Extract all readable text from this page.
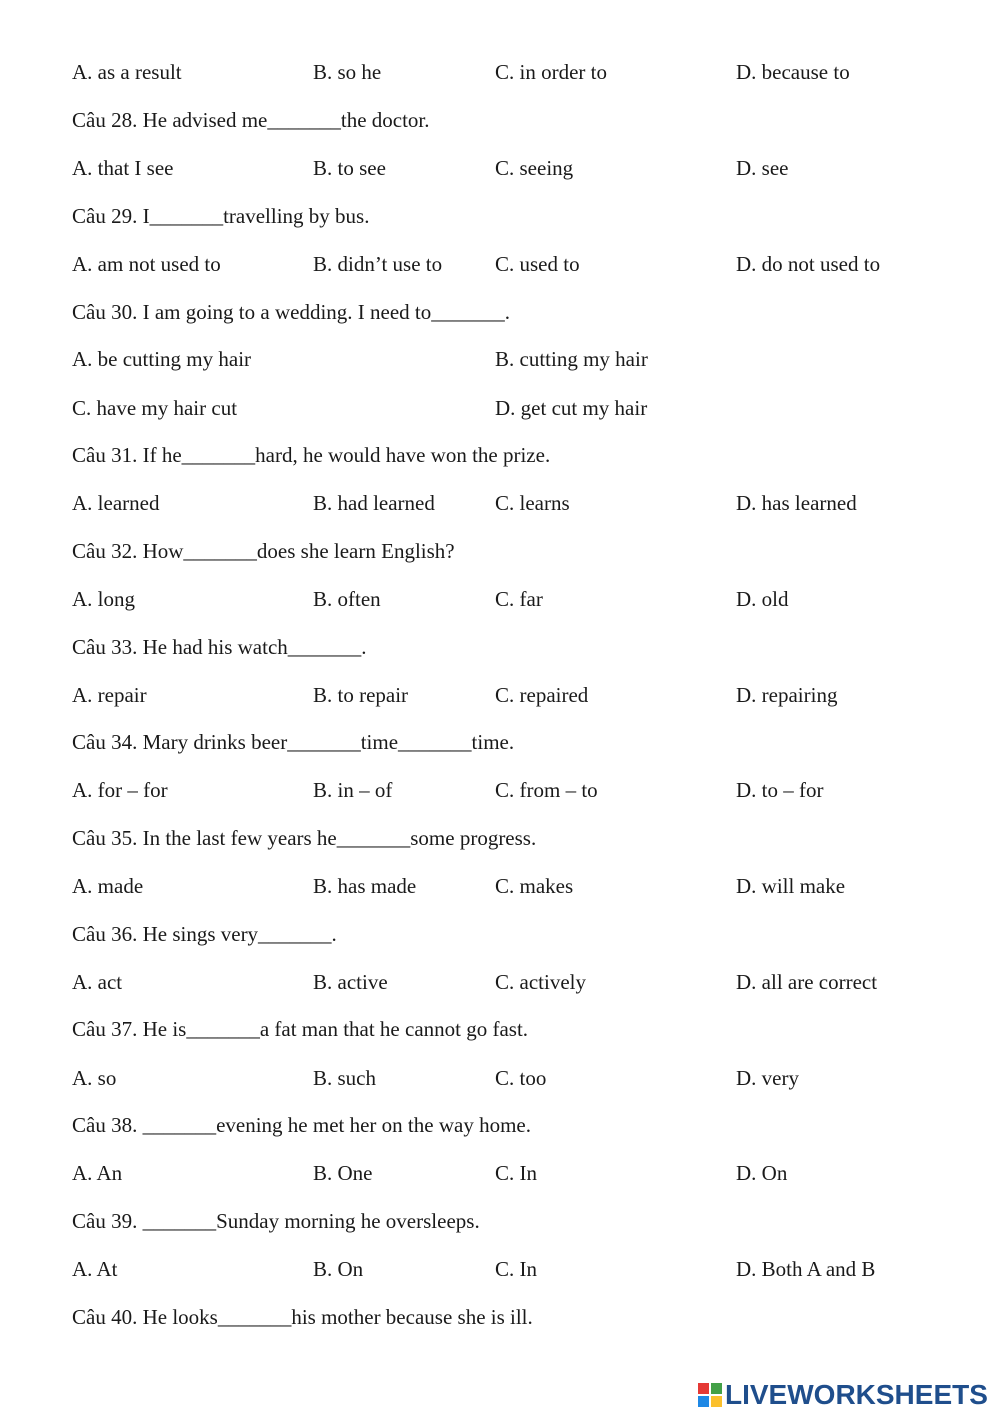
A. as a result	B. so he	C. in order to	D. because to
Câu 28. He advised me_______the doctor.
A. that I see	B. to see	C. seeing	D. see
Câu 29. I_______travelling by bus.
A. am not used to	B. didn’t use to	C. used to	D. do not used to
Câu 30. I am going to a wedding. I need to_______.
A. be cutting my hair	B. cutting my hair
C. have my hair cut	D. get cut my hair
Câu 31. If he_______hard, he would have won the prize.
A. learned	B. had learned	C. learns	D. has learned
Câu 32. How_______does she learn English?
A. long	B. often	C. far	D. old
Câu 33. He had his watch_______.
A. repair	B. to repair	C. repaired	D. repairing
Câu 34. Mary drinks beer_______time_______time.
A. for – for	B. in – of	C. from – to	D. to – for
Câu 35. In the last few years he_______some progress.
A. made	B. has made	C. makes	D. will make
Câu 36. He sings very_______.
A. act	B. active	C. actively	D. all are correct
Câu 37. He is_______a fat man that he cannot go fast.
A. so	B. such	C. too	D. very
Câu 38. _______evening he met her on the way home.
A. An	B. One	C. In	D. On
Câu 39. _______Sunday morning he oversleeps.
A. At	B. On	C. In	D. Both A and B
Câu 40. He looks_______his mother because she is ill.
LIVEWORKSHEETS
